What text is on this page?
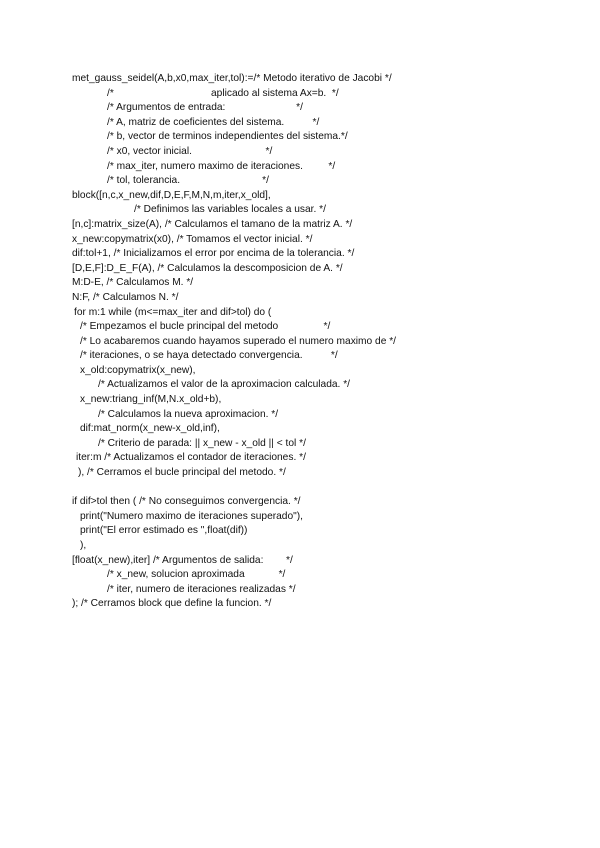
met_gauss_seidel(A,b,x0,max_iter,tol):=/* Metodo iterativo de Jacobi */
/*	aplicado al sistema Ax=b.  */
/* Argumentos de entrada:                         */
/* A, matriz de coeficientes del sistema.          */
/* b, vector de terminos independientes del sistema.*/
/* x0, vector inicial.                          */
/* max_iter, numero maximo de iteraciones.         */
/* tol, tolerancia.                             */
block([n,c,x_new,dif,D,E,F,M,N,m,iter,x_old],
/* Definimos las variables locales a usar. */
[n,c]:matrix_size(A), /* Calculamos el tamano de la matriz A. */
x_new:copymatrix(x0), /* Tomamos el vector inicial. */
dif:tol+1, /* Inicializamos el error por encima de la tolerancia. */
[D,E,F]:D_E_F(A), /* Calculamos la descomposicion de A. */
M:D-E, /* Calculamos M. */
N:F, /* Calculamos N. */
for m:1 while (m<=max_iter and dif>tol) do (
/* Empezamos el bucle principal del metodo                */
/* Lo acabaremos cuando hayamos superado el numero maximo de */
/* iteraciones, o se haya detectado convergencia.          */
x_old:copymatrix(x_new),
/* Actualizamos el valor de la aproximacion calculada. */
x_new:triang_inf(M,N.x_old+b),
/* Calculamos la nueva aproximacion. */
dif:mat_norm(x_new-x_old,inf),
/* Criterio de parada: || x_new - x_old || < tol */
iter:m /* Actualizamos el contador de iteraciones. */
), /* Cerramos el bucle principal del metodo. */
if dif>tol then ( /* No conseguimos convergencia. */
print("Numero maximo de iteraciones superado"),
print("El error estimado es ",float(dif))
),
[float(x_new),iter] /* Argumentos de salida:        */
/* x_new, solucion aproximada            */
/* iter, numero de iteraciones realizadas */
); /* Cerramos block que define la funcion. */
